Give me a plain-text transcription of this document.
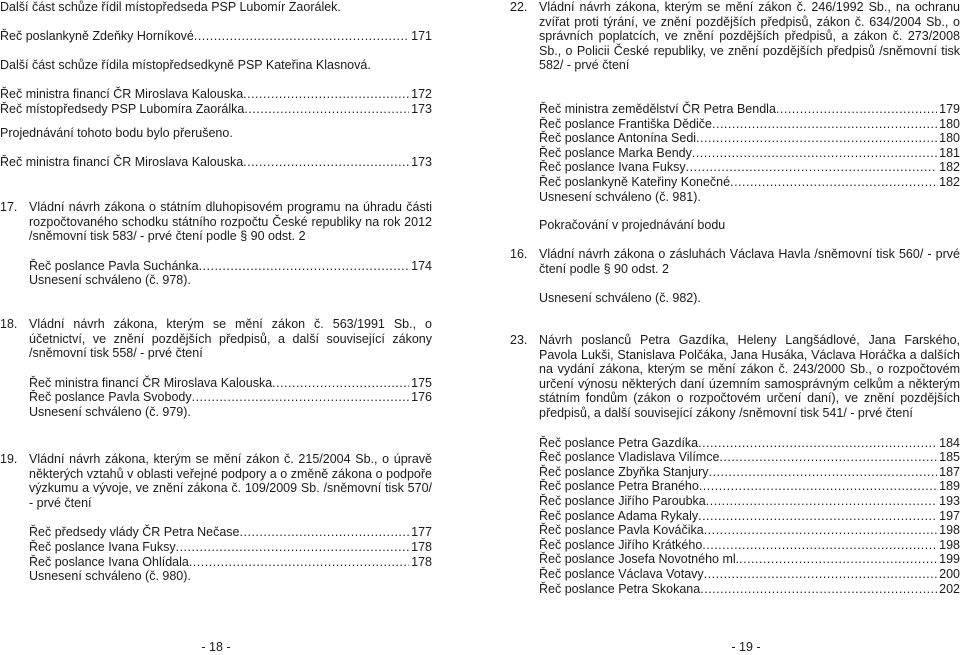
Další část schůze řídil místopředseda PSP Lubomír Zaorálek.
Řeč poslankyně Zdeňky Horníkové .....	171
Další část schůze řídila místopředsedkyně PSP Kateřina Klasnová.
Řeč ministra financí ČR Miroslava Kalouska .....	172
Řeč místopředsedy PSP Lubomíra Zaorálka .....	173
Projednávání tohoto bodu bylo přerušeno.
Řeč ministra financí ČR Miroslava Kalouska .....	173
17. Vládní návrh zákona o státním dluhopisovém programu na úhradu části rozpočtovaného schodku státního rozpočtu České republiky na rok 2012 /sněmovní tisk 583/ - prvé čtení podle § 90 odst. 2
Řeč poslance Pavla Suchánka .....	174
Usnesení schváleno (č. 978).
18. Vládní návrh zákona, kterým se mění zákon č. 563/1991 Sb., o účetnictví, ve znění pozdějších předpisů, a další související zákony /sněmovní tisk 558/ - prvé čtení
Řeč ministra financí ČR Miroslava Kalouska .....	175
Řeč poslance Pavla Svobody .....	176
Usnesení schváleno (č. 979).
19. Vládní návrh zákona, kterým se mění zákon č. 215/2004 Sb., o úpravě některých vztahů v oblasti veřejné podpory a o změně zákona o podpoře výzkumu a vývoje, ve znění zákona č. 109/2009 Sb. /sněmovní tisk 570/ - prvé čtení
Řeč předsedy vlády ČR Petra Nečase .....	177
Řeč poslance Ivana Fuksy .....	178
Řeč poslance Ivana Ohlídala .....	178
Usnesení schváleno (č. 980).
- 18 -
22. Vládní návrh zákona, kterým se mění zákon č. 246/1992 Sb., na ochranu zvířat proti týrání, ve znění pozdějších předpisů, zákon č. 634/2004 Sb., o správních poplatcích, ve znění pozdějších předpisů, a zákon č. 273/2008 Sb., o Policii České republiky, ve znění pozdějších předpisů /sněmovní tisk 582/ - prvé čtení
Řeč ministra zemědělství ČR Petra Bendla .....	179
Řeč poslance Františka Dědiče .....	180
Řeč poslance Antonína Sedi .....	180
Řeč poslance Marka Bendy .....	181
Řeč poslance Ivana Fuksy .....	182
Řeč poslankyně Kateřiny Konečné .....	182
Usnesení schváleno (č. 981).
Pokračování v projednávání bodu
16. Vládní návrh zákona o zásluhách Václava Havla /sněmovní tisk 560/ - prvé čtení podle § 90 odst. 2
Usnesení schváleno (č. 982).
23. Návrh poslanců Petra Gazdíka, Heleny Langšádlové, Jana Farského, Pavola Lukši, Stanislava Polčáka, Jana Husáka, Václava Horáčka a dalších na vydání zákona, kterým se mění zákon č. 243/2000 Sb., o rozpočtovém určení výnosu některých daní územním samosprávným celkům a některým státním fondům (zákon o rozpočtovém určení daní), ve znění pozdějších předpisů, a další související zákony /sněmovní tisk 541/ - prvé čtení
Řeč poslance Petra Gazdíka .....	184
Řeč poslance Vladislava Vilímce .....	185
Řeč poslance Zbyňka Stanjury .....	187
Řeč poslance Petra Braného .....	189
Řeč poslance Jiřího Paroubka .....	193
Řeč poslance Adama Rykaly .....	197
Řeč poslance Pavla Kováčika .....	198
Řeč poslance Jiřího Krátkého .....	198
Řeč poslance Josefa Novotného ml. .....	199
Řeč poslance Václava Votavy .....	200
Řeč poslance Petra Skokana .....	202
- 19 -
